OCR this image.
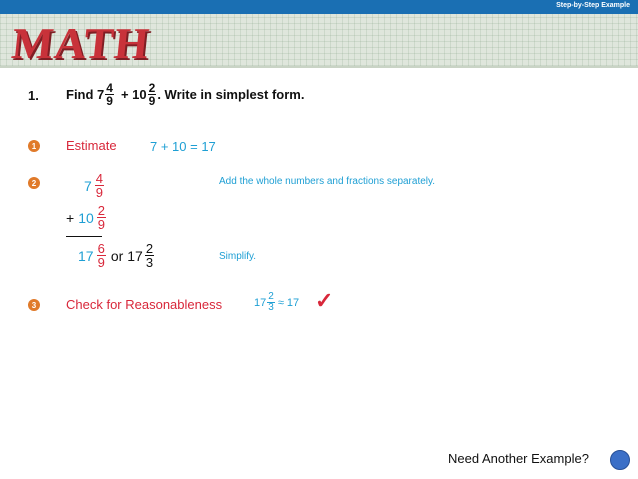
Step-by-Step Example
MATH
1. Find $7 \frac{4}{9} + 10 \frac{2}{9}$ . Write in simplest form.
1 Estimate	7 + 10 = 17
2	$7 \frac{4}{9}$
+ $10 \frac{2}{9}$
$17 \frac{6}{9}$ or $17 \frac{2}{3}$
Add the whole numbers and fractions separately.
Simplify.
3 Check for Reasonableness	$17 \frac{2}{3} \approx 17$ ✓
Need Another Example?
